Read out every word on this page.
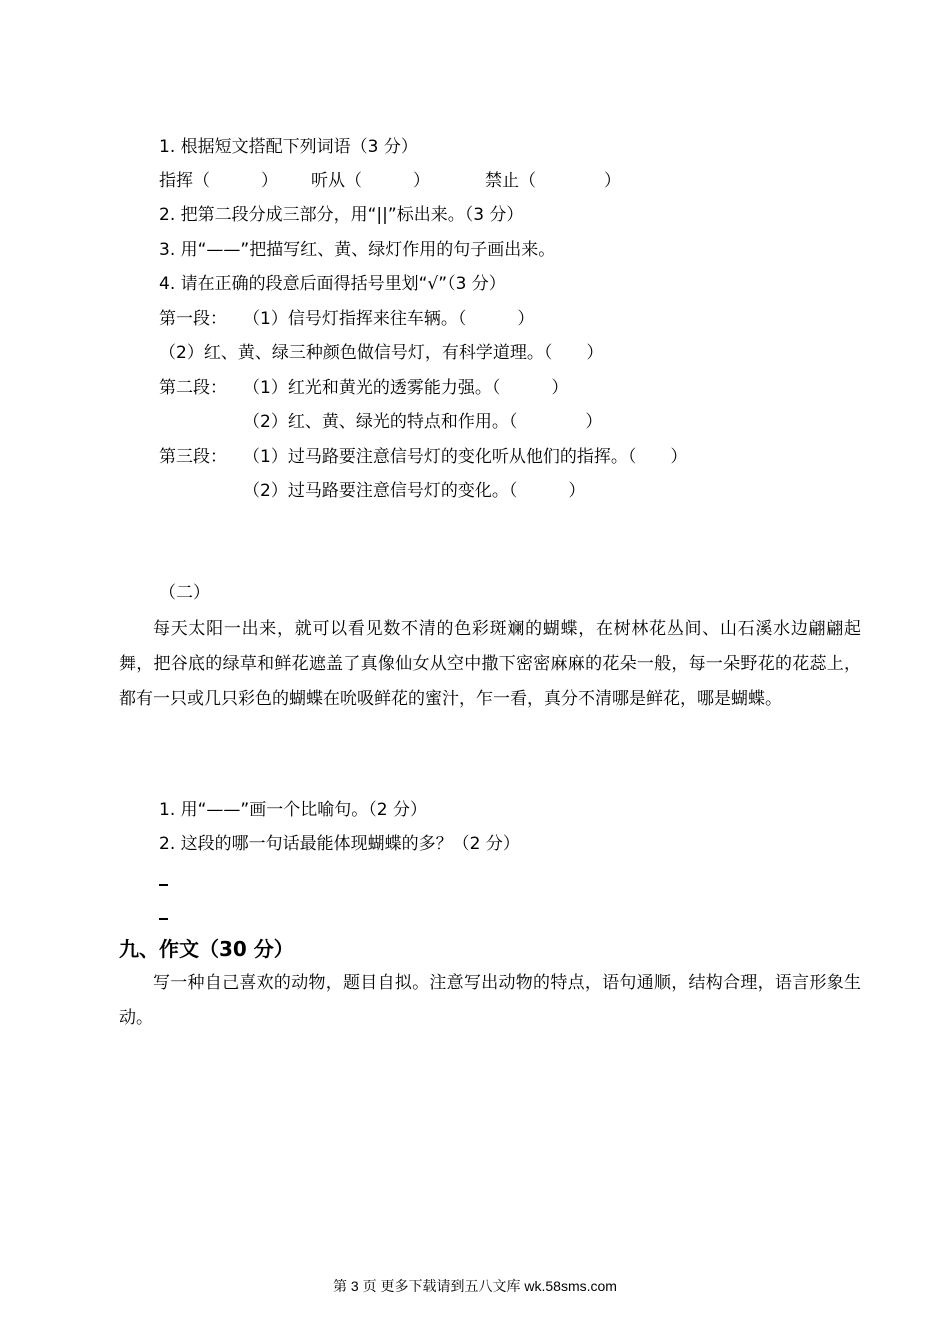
1. 根据短文搭配下列词语（3 分）
指挥（　　　） 听从（　　　）	禁止（　　　　）
2. 把第二段分成三部分，用“||”标出来。（3 分）
3. 用“——”把描写红、黄、绿灯作用的句子画出来。
4. 请在正确的段意后面得括号里划“√”（3 分）
第一段： （1）信号灯指挥来往车辆。（　　　）
（2）红、黄、绿三种颜色做信号灯，有科学道理。（　　）
第二段： （1）红光和黄光的透雾能力强。（　　　）
（2）红、黄、绿光的特点和作用。（　　　　）
第三段： （1）过马路要注意信号灯的变化听从他们的指挥。（　　）
（2）过马路要注意信号灯的变化。（　　　）
（二）

每天太阳一出来，就可以看见数不清的色彩斑斓的蝴蝶，在树林花丛间、山石溪水边翩翩起舞，把谷底的绿草和鲜花遮盖了真像仙女从空中撒下密密麻麻的花朵一般，每一朵野花的花蕊上，都有一只或几只彩色的蝴蝶在吮吸鲜花的蜜汁，乍一看，真分不清哪是鲜花，哪是蝴蝶。

1. 用“——”画一个比喻句。（2 分）
2. 这段的哪一句话最能体现蝴蝶的多？（2 分）
九、作文（30 分）

写一种自己喜欢的动物，题目自拟。注意写出动物的特点，语句通顺，结构合理，语言形象生动。

第 3 页 更多下载请到五八文库 wk.58sms.com
